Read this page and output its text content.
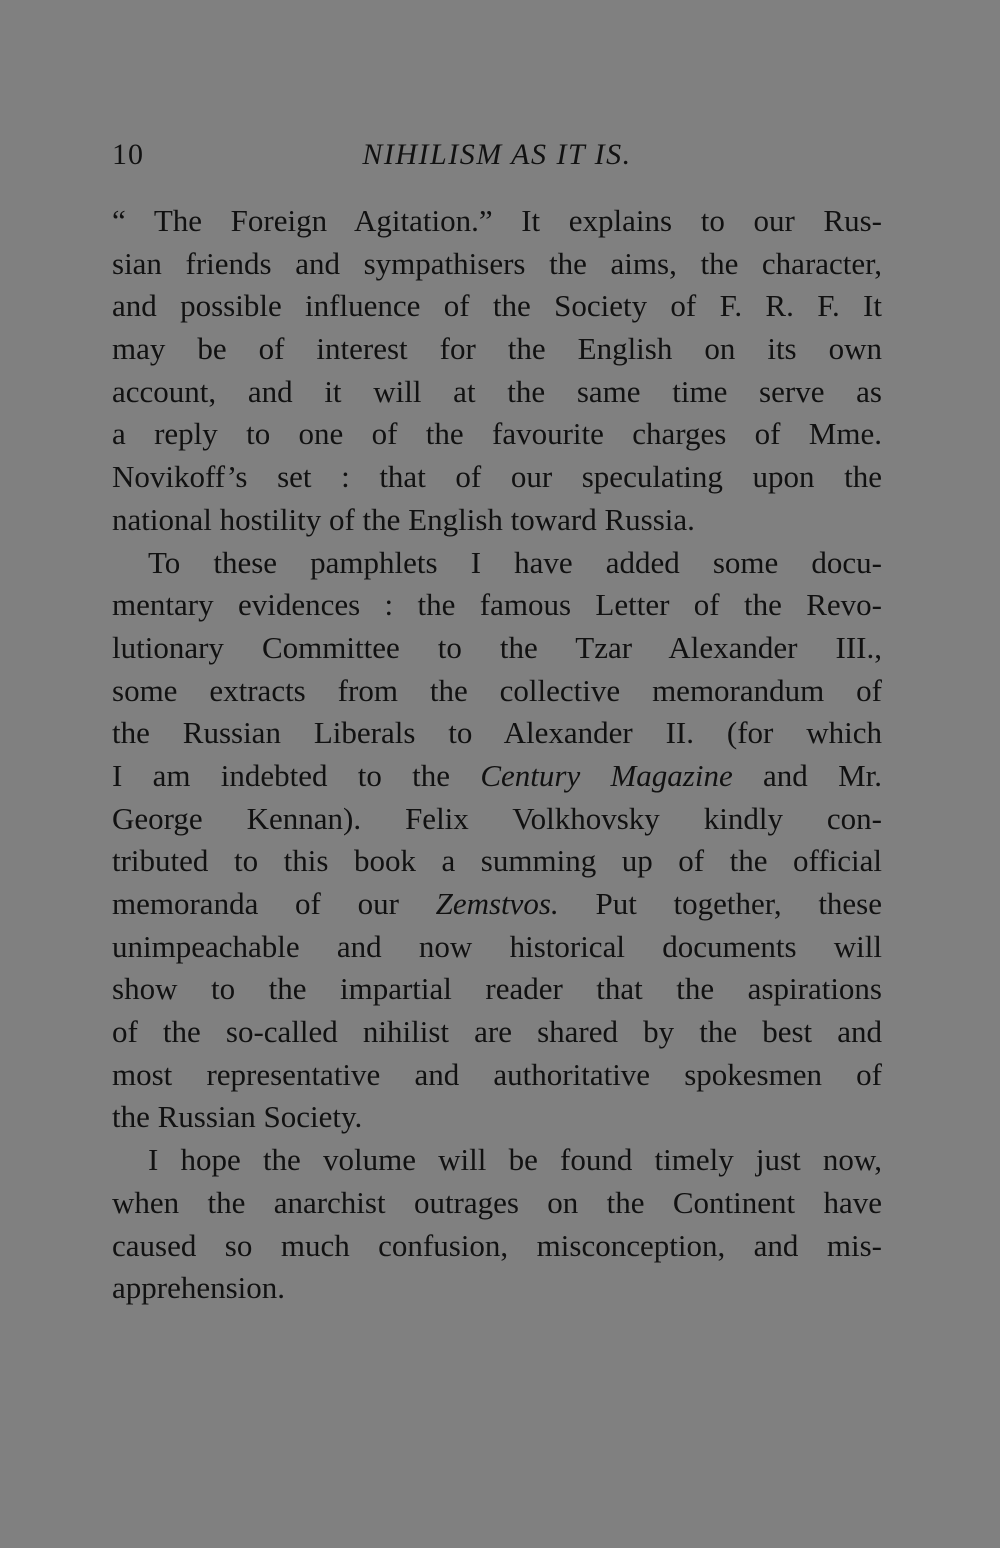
10	NIHILISM AS IT IS.
“ The Foreign Agitation.” It explains to our Rus-
sian friends and sympathisers the aims, the character,
and possible influence of the Society of F. R. F. It
may be of interest for the English on its own
account, and it will at the same time serve as
a reply to one of the favourite charges of Mme.
Novikoff’s set : that of our speculating upon the
national hostility of the English toward Russia.
To these pamphlets I have added some docu-
mentary evidences : the famous Letter of the Revo-
lutionary Committee to the Tzar Alexander III.,
some extracts from the collective memorandum of
the Russian Liberals to Alexander II. (for which
I am indebted to the Century Magazine and Mr.
George Kennan). Felix Volkhovsky kindly con-
tributed to this book a summing up of the official
memoranda of our Zemstvos. Put together, these
unimpeachable and now historical documents will
show to the impartial reader that the aspirations
of the so-called nihilist are shared by the best and
most representative and authoritative spokesmen of
the Russian Society.
I hope the volume will be found timely just now,
when the anarchist outrages on the Continent have
caused so much confusion, misconception, and mis-
apprehension.
